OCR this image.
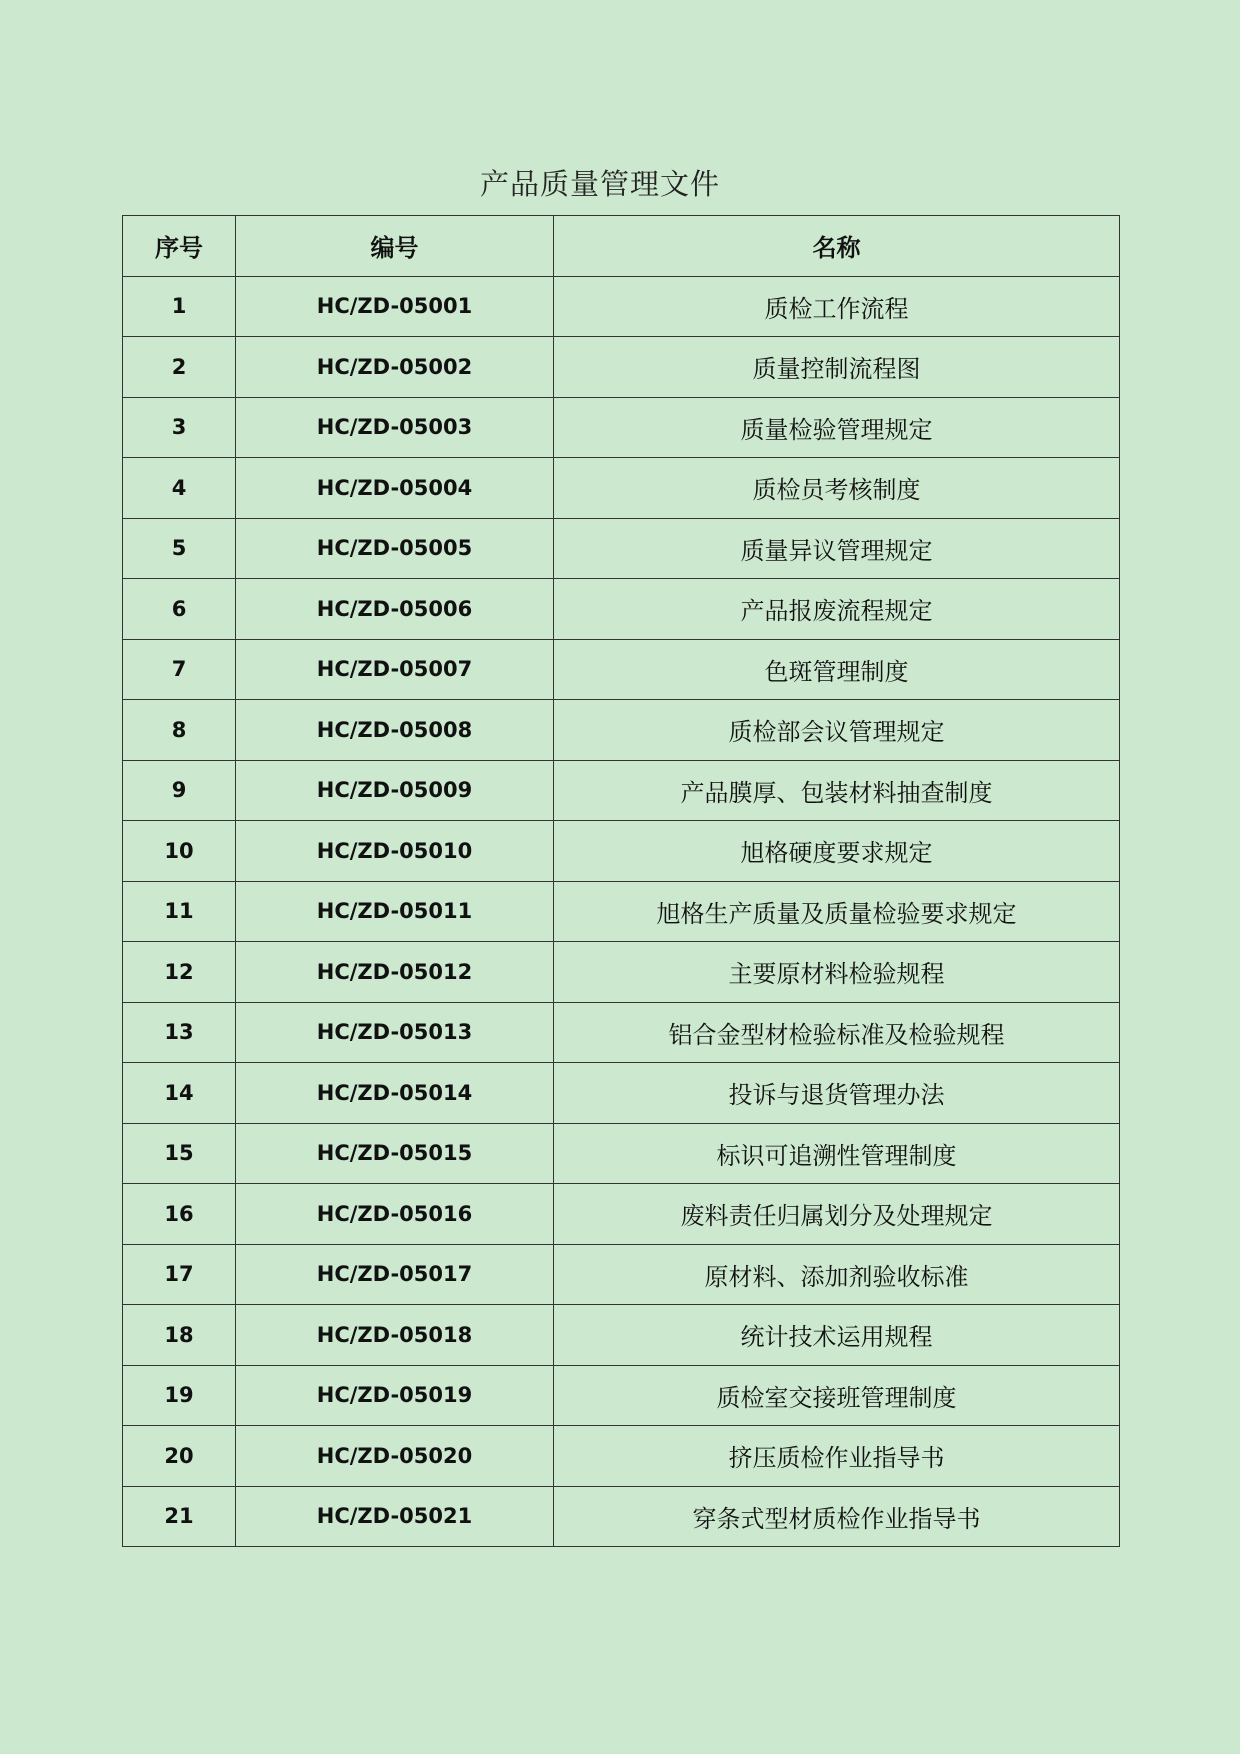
产品质量管理文件
序号	编号	名称
1	HC/ZD-05001	质检工作流程
2	HC/ZD-05002	质量控制流程图
3	HC/ZD-05003	质量检验管理规定
4	HC/ZD-05004	质检员考核制度
5	HC/ZD-05005	质量异议管理规定
6	HC/ZD-05006	产品报废流程规定
7	HC/ZD-05007	色斑管理制度
8	HC/ZD-05008	质检部会议管理规定
9	HC/ZD-05009	产品膜厚、包装材料抽查制度
10	HC/ZD-05010	旭格硬度要求规定
11	HC/ZD-05011	旭格生产质量及质量检验要求规定
12	HC/ZD-05012	主要原材料检验规程
13	HC/ZD-05013	铝合金型材检验标准及检验规程
14	HC/ZD-05014	投诉与退货管理办法
15	HC/ZD-05015	标识可追溯性管理制度
16	HC/ZD-05016	废料责任归属划分及处理规定
17	HC/ZD-05017	原材料、添加剂验收标准
18	HC/ZD-05018	统计技术运用规程
19	HC/ZD-05019	质检室交接班管理制度
20	HC/ZD-05020	挤压质检作业指导书
21	HC/ZD-05021	穿条式型材质检作业指导书
